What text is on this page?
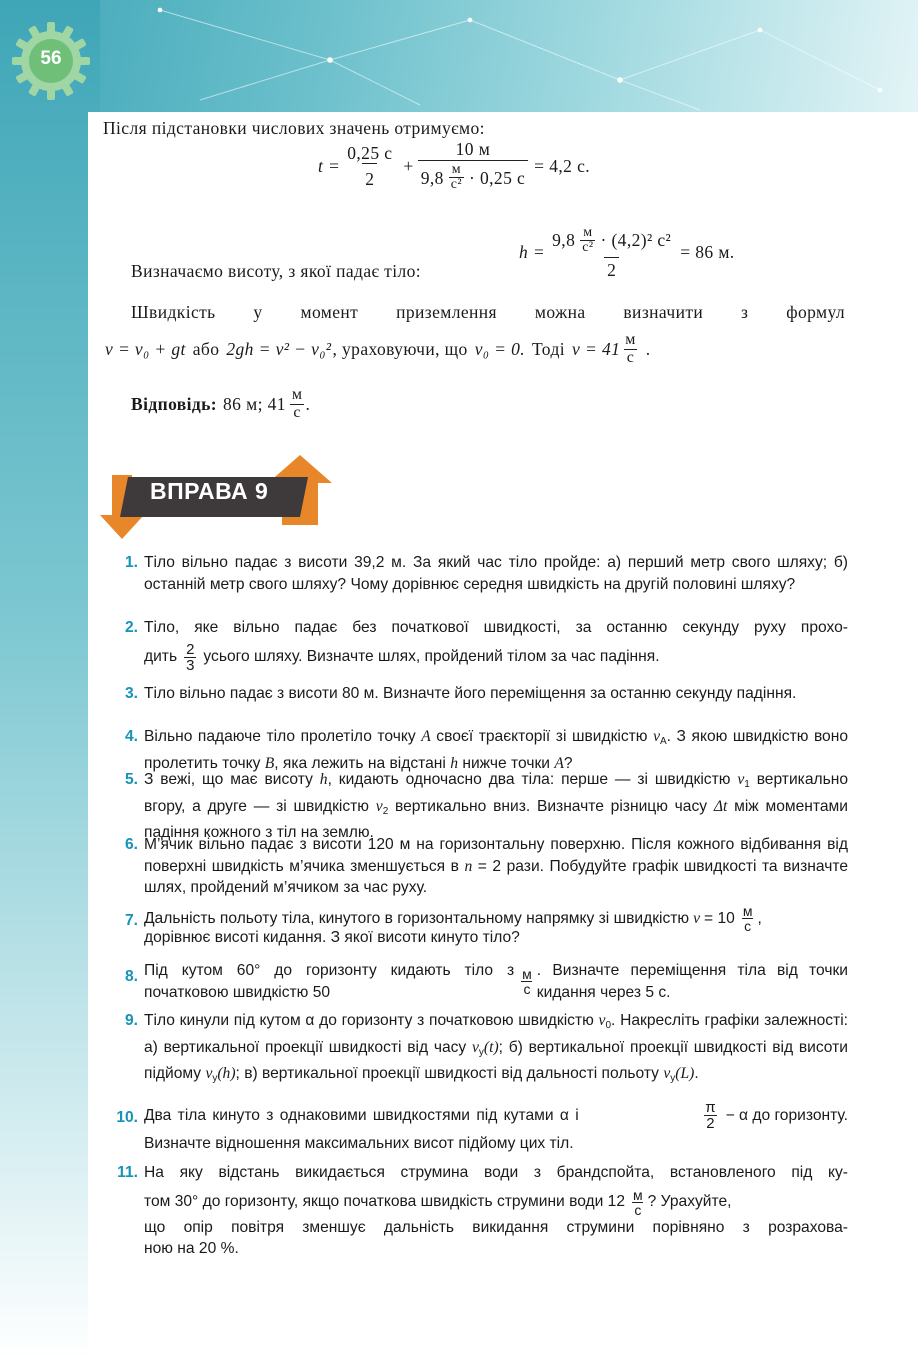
56
Після підстановки числових значень отримуємо:
$t = \frac{0,25 с}{2} + \frac{10 м}{9,8 \frac{м}{\text{с²}} \cdot 0,25 с} = 4,2$ с.
Визначаємо висоту, з якої падає тіло:
$h = \frac{9,8 \frac{м}{\text{с²}} \cdot (4,2)^2 с^2}{2} = 86$ м.
Швидкість у момент приземлення можна визначити з формул
v = v₀ + gt або 2gh = v² − v₀² , ураховуючи, що v₀ = 0. Тоді $v = 41 \frac{м}{с}$ .
Відповідь: 86 м; $41 \frac{м}{с}$ .
ВПРАВА 9
1. Тіло вільно падає з висоти 39,2 м. За який час тіло пройде: а) перший метр свого шляху; б) останній метр свого шляху? Чому дорівнює середня швидкість на другій половині шляху?
2. Тіло, яке вільно падає без початкової швидкості, за останню секунду руху прохо-
дить $\frac{2}{3}$ усього шляху. Визначте шлях, пройдений тілом за час падіння.
3. Тіло вільно падає з висоти 80 м. Визначте його переміщення за останню секунду падіння.
4. Вільно падаюче тіло пролетіло точку A своєї траєкторії зі швидкістю $v_A$. З якою швидкістю воно пролетить точку B, яка лежить на відстані h нижче точки A?
5. З вежі, що має висоту h, кидають одночасно два тіла: перше — зі швидкістю $v_1$ вертикально вгору, а друге — зі швидкістю $v_2$ вертикально вниз. Визначте різницю часу Δt між моментами падіння кожного з тіл на землю.
6. М’ячик вільно падає з висоти 120 м на горизонтальну поверхню. Після кожного відбивання від поверхні швидкість м’ячика зменшується в n = 2 рази. Побудуйте графік швидкості та визначте шлях, пройдений м’ячиком за час руху.
7. Дальність польоту тіла, кинутого в горизонтальному напрямку зі швидкістю $v = 10 \frac{м}{с}$ ,
дорівнює висоті кидання. З якої висоти кинуто тіло?
8. Під кутом 60° до горизонту кидають тіло з початковою швидкістю 50	$\frac{м}{с}$ . Визначте переміщення тіла від точки кидання через 5 с.
9. Тіло кинули під кутом α до горизонту з початковою швидкістю $v_0$. Накресліть графіки залежності: а) вертикальної проекції швидкості від часу $v_y(t)$; б) вертикальної проекції швидкості від висоти підйому $v_y(h)$; в) вертикальної проекції швидкості від дальності польоту $v_y(L)$.
10. Два тіла кинуто з однаковими швидкостями під кутами α і	$\frac{\pi}{2} - \alpha$ до горизонту.
Визначте відношення максимальних висот підйому цих тіл.
11. На яку відстань викидається струмина води з брандспойта, встановленого під ку-
том 30° до горизонту, якщо початкова швидкість струмини води $12 \frac{м}{с}$ ? Урахуйте,
що опір повітря зменшує дальність викидання струмини порівняно з розрахова-
ною на 20 %.
